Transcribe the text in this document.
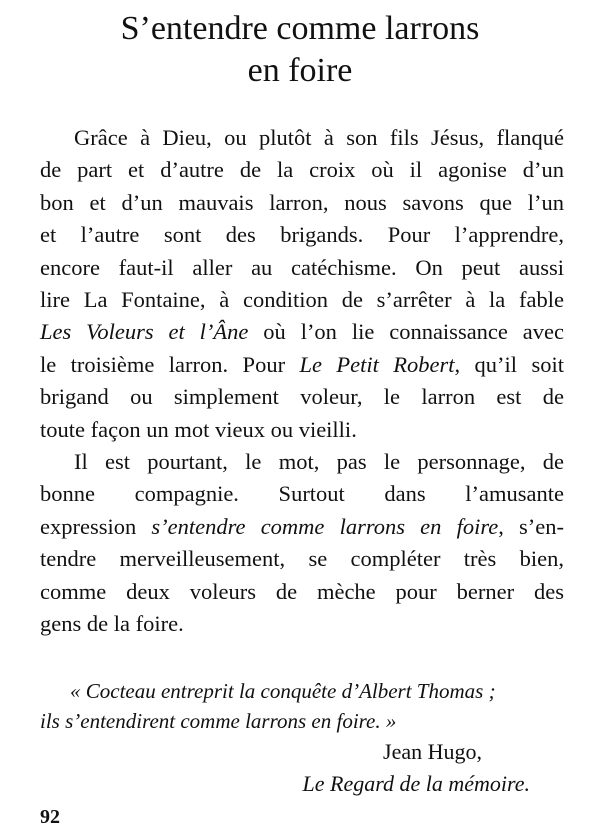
S’entendre comme larrons
en foire

Grâce à Dieu, ou plutôt à son fils Jésus, flanqué
de part et d’autre de la croix où il agonise d’un
bon et d’un mauvais larron, nous savons que l’un
et l’autre sont des brigands. Pour l’apprendre,
encore faut-il aller au catéchisme. On peut aussi
lire La Fontaine, à condition de s’arrêter à la fable
Les Voleurs et l’Âne où l’on lie connaissance avec
le troisième larron. Pour Le Petit Robert, qu’il soit
brigand ou simplement voleur, le larron est de
toute façon un mot vieux ou vieilli.

Il est pourtant, le mot, pas le personnage, de
bonne compagnie. Surtout dans l’amusante
expression s’entendre comme larrons en foire, s’en-
tendre merveilleusement, se compléter très bien,
comme deux voleurs de mèche pour berner des
gens de la foire.

« Cocteau entreprit la conquête d’Albert Thomas ;
ils s’entendirent comme larrons en foire. »
Jean Hugo,
Le Regard de la mémoire.
92
